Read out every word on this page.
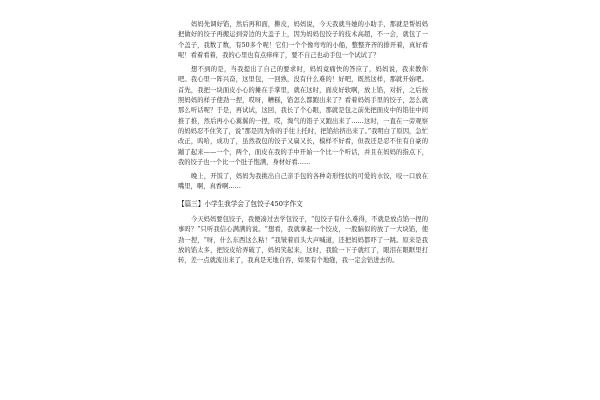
妈妈先调好馅，然后再和面，擀皮，妈妈说，今天我就当她的小助手，那就是帮妈妈把做好的饺子再搬运到旁边的大盖子上，因为妈妈包饺子的技术高超，不一会，就包了一个盖子，我数了数，有50多个呢！它们一个个像弯弯的小船，整整齐齐的排开着，真好看呢！看着看着，我的心里也有点痒痒了，要不自己也动手包一个试试了？

想不到的是，当我提出了自己的要求时，妈妈竟痛快的答应了，妈妈说，我来教你吧。我心里一阵兴奋，这里包，一回熟，没有什么难的！好吧，既然这样，那就开始吧。首先，我把一块面皮小心的摊在手掌里，就在这时，面皮好软啊，放上馅，对折，之后按照妈妈的样子使劲一捏，哎呀，糟糕，馅怎么都跑出来了？看着妈妈手里的饺子，怎么就那么听话呢？于是，再试试，这回，我长了个心眼，那就是包之前先把面皮中的馅往中间推了推，然后再小心翼翼的一捏，哎，淘气的馅子又跑出来了……这时，一直在一旁观察的妈妈忍不住笑了，说“那是因为你的手往上托时，把馅给挤出来了。”我明白了原因，急忙改正，呜哈，成功了，虽然我包的饺子又扁又长，模样不好看，但我还是忍不住有自豪的蹦了起来——一个，两个，面皮在我的手中开始一个比一个听话，并且在妈妈的指点下，我的饺子也一个比一个肚子饱满，身材好看……

晚上，开饭了，妈妈为我挑出自己亲手包的各种奇形怪状的可爱的水饺，咬一口放在嘴里，啊，真香啊……

【篇三】小学生我学会了包饺子450字作文

今天妈妈要包饺子，我便凑过去学包饺子，“包饺子有什么难得，不就是放点馅一捏的事吗？”只听我信心满满的说。“想看，我就拿起一个饺皮，一股脑似的放了一大块馅，使劲一捏，“呀，什么东西这么粘！”我皱着眉头大声喊道，还把妈妈都吓了一跳。原来是我放的馅太多，把饺皮给弄破了，妈妈笑起来，这时，我脸一下子就红了，眼泪在眼眶里打转，差一点就流出来了，我真是无地自容，如果有个地缝，我一定会钻进去的。
